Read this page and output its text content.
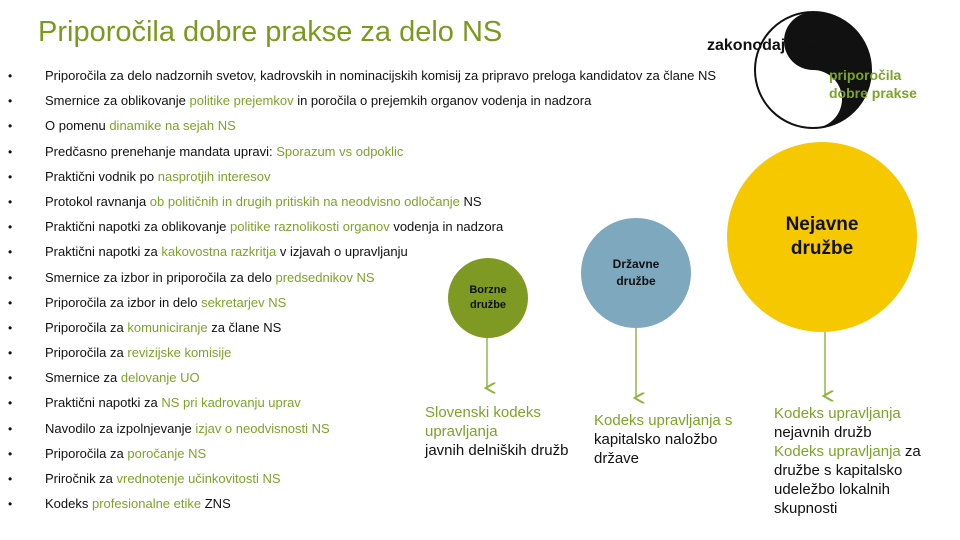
Priporočila dobre prakse za delo NS
•	Priporočila za delo nadzornih svetov, kadrovskih in nominacijskih komisij za pripravo preloga kandidatov za člane NS
•	Smernice za oblikovanje politike prejemkov in poročila o prejemkih organov vodenja in nadzora
•	O pomenu dinamike na sejah NS
•	Predčasno prenehanje mandata upravi: Sporazum vs odpoklic
•	Praktični vodnik po nasprotjih interesov
•	Protokol ravnanja ob političnih in drugih pritiskih na neodvisno odločanje NS
•	Praktični napotki za oblikovanje politike raznolikosti organov vodenja in nadzora
•	Praktični napotki za kakovostna razkritja v izjavah o upravljanju
•	Smernice za izbor in priporočila za delo predsednikov NS
•	Priporočila za izbor in delo sekretarjev NS
•	Priporočila za komuniciranje za člane NS
•	Priporočila za revizijske komisije
•	Smernice za delovanje UO
•	Praktični napotki za NS pri kadrovanju uprav
•	Navodilo za izpolnjevanje izjav o neodvisnosti NS
•	Priporočila za poročanje NS
•	Priročnik za vrednotenje učinkovitosti NS
•	Kodeks profesionalne etike ZNS
zakonodaja
priporočila
dobre prakse
Borzne
družbe
Državne
družbe
Nejavne
družbe
Slovenski kodeks upravljanja
javnih delniških družb
Kodeks upravljanja s
kapitalsko naložbo države
Kodeks upravljanja
nejavnih družb
Kodeks upravljanja za družbe s kapitalsko udeležbo lokalnih skupnosti
